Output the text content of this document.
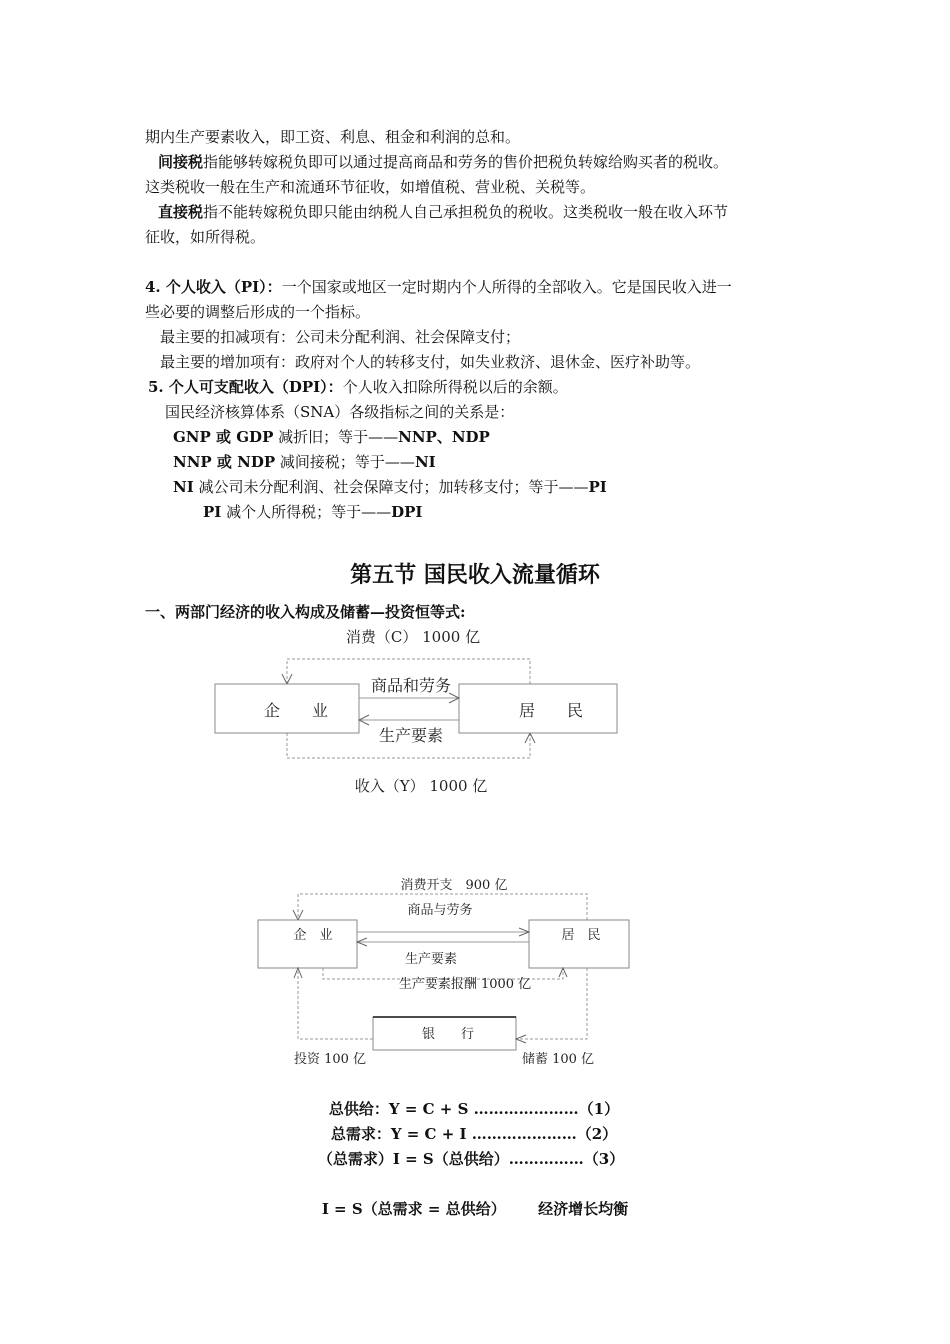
期内生产要素收入，即工资、利息、租金和利润的总和。
间接税指能够转嫁税负即可以通过提高商品和劳务的售价把税负转嫁给购买者的税收。
这类税收一般在生产和流通环节征收，如增值税、营业税、关税等。
直接税指不能转嫁税负即只能由纳税人自己承担税负的税收。这类税收一般在收入环节
征收，如所得税。
4. 个人收入（PI）：一个国家或地区一定时期内个人所得的全部收入。它是国民收入进一
些必要的调整后形成的一个指标。
最主要的扣减项有：公司未分配利润、社会保障支付；
最主要的增加项有：政府对个人的转移支付，如失业救济、退休金、医疗补助等。
5. 个人可支配收入（DPI）：个人收入扣除所得税以后的余额。
国民经济核算体系（SNA）各级指标之间的关系是：
GNP 或 GDP 减折旧；等于——NNP、NDP
NNP 或 NDP 减间接税；等于——NI
NI 减公司未分配利润、社会保障支付；加转移支付；等于——PI
PI 减个人所得税；等于——DPI
第五节 国民收入流量循环
一、两部门经济的收入构成及储蓄—投资恒等式:
消费（C） 1000 亿
企　　业	居　　民
商品和劳务
生产要素
收入（Y） 1000 亿
消费开支　900 亿
商品与劳务
企　业	居　民
生产要素
生产要素报酬 1000 亿
银　　行
投资 100 亿	储蓄 100 亿
总供给：Y = C + S …………………（1）
总需求：Y = C + I …………………（2）
（总需求）I = S（总供给）……………（3）
I = S（总需求 = 总供给） 经济增长均衡
